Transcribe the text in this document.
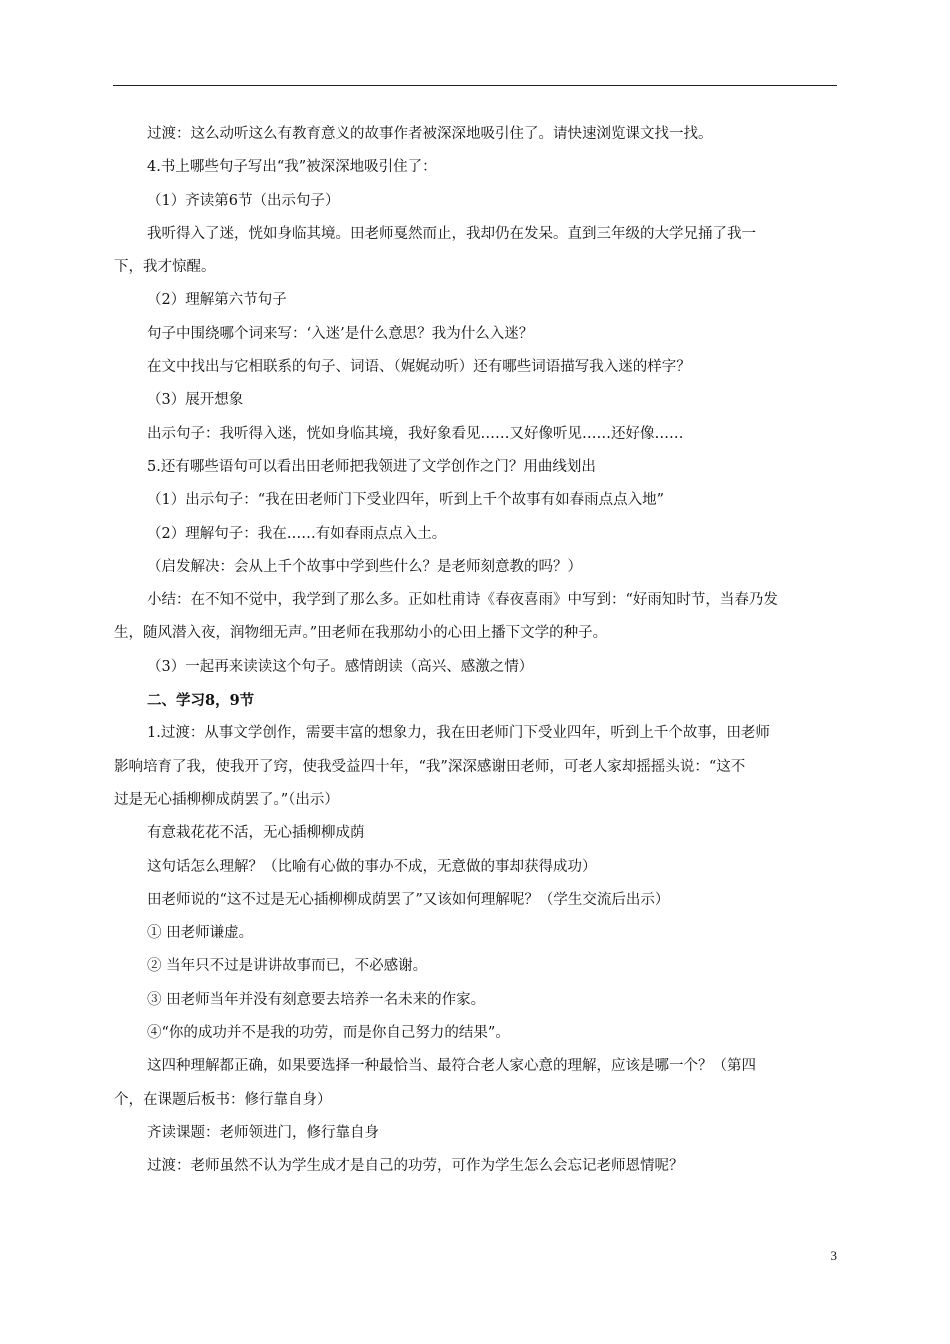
过渡：这么动听这么有教育意义的故事作者被深深地吸引住了。请快速浏览课文找一找。
4.书上哪些句子写出“我”被深深地吸引住了：
（1）齐读第6节（出示句子）
我听得入了迷，恍如身临其境。田老师戛然而止，我却仍在发呆。直到三年级的大学兄捅了我一
下，我才惊醒。
（2）理解第六节句子
句子中围绕哪个词来写：‘入迷’是什么意思？我为什么入迷？
在文中找出与它相联系的句子、词语、（娓娓动听）还有哪些词语描写我入迷的样字？
（3）展开想象
出示句子：我听得入迷，恍如身临其境，我好象看见……又好像听见……还好像……
5.还有哪些语句可以看出田老师把我领进了文学创作之门？用曲线划出
（1）出示句子：“我在田老师门下受业四年，听到上千个故事有如春雨点点入地”
（2）理解句子：我在……有如春雨点点入土。
（启发解决：会从上千个故事中学到些什么？是老师刻意教的吗？）
小结：在不知不觉中，我学到了那么多。正如杜甫诗《春夜喜雨》中写到：“好雨知时节，当春乃发
生，随风潜入夜，润物细无声。”田老师在我那幼小的心田上播下文学的种子。
（3）一起再来读读这个句子。感情朗读（高兴、感激之情）
二、学习8，9节
1.过渡：从事文学创作，需要丰富的想象力，我在田老师门下受业四年，听到上千个故事，田老师
影响培育了我，使我开了窍，使我受益四十年，“我”深深感谢田老师，可老人家却摇摇头说：“这不
过是无心插柳柳成荫罢了。”（出示）
有意栽花花不活，无心插柳柳成荫
这句话怎么理解？（比喻有心做的事办不成，无意做的事却获得成功）
田老师说的“这不过是无心插柳柳成荫罢了”又该如何理解呢？（学生交流后出示）
① 田老师谦虚。
② 当年只不过是讲讲故事而已，不必感谢。
③ 田老师当年并没有刻意要去培养一名未来的作家。
④“你的成功并不是我的功劳，而是你自己努力的结果”。
这四种理解都正确，如果要选择一种最恰当、最符合老人家心意的理解，应该是哪一个？（第四
个，在课题后板书：修行靠自身）
齐读课题：老师领进门，修行靠自身
过渡：老师虽然不认为学生成才是自己的功劳，可作为学生怎么会忘记老师恩情呢？
3
